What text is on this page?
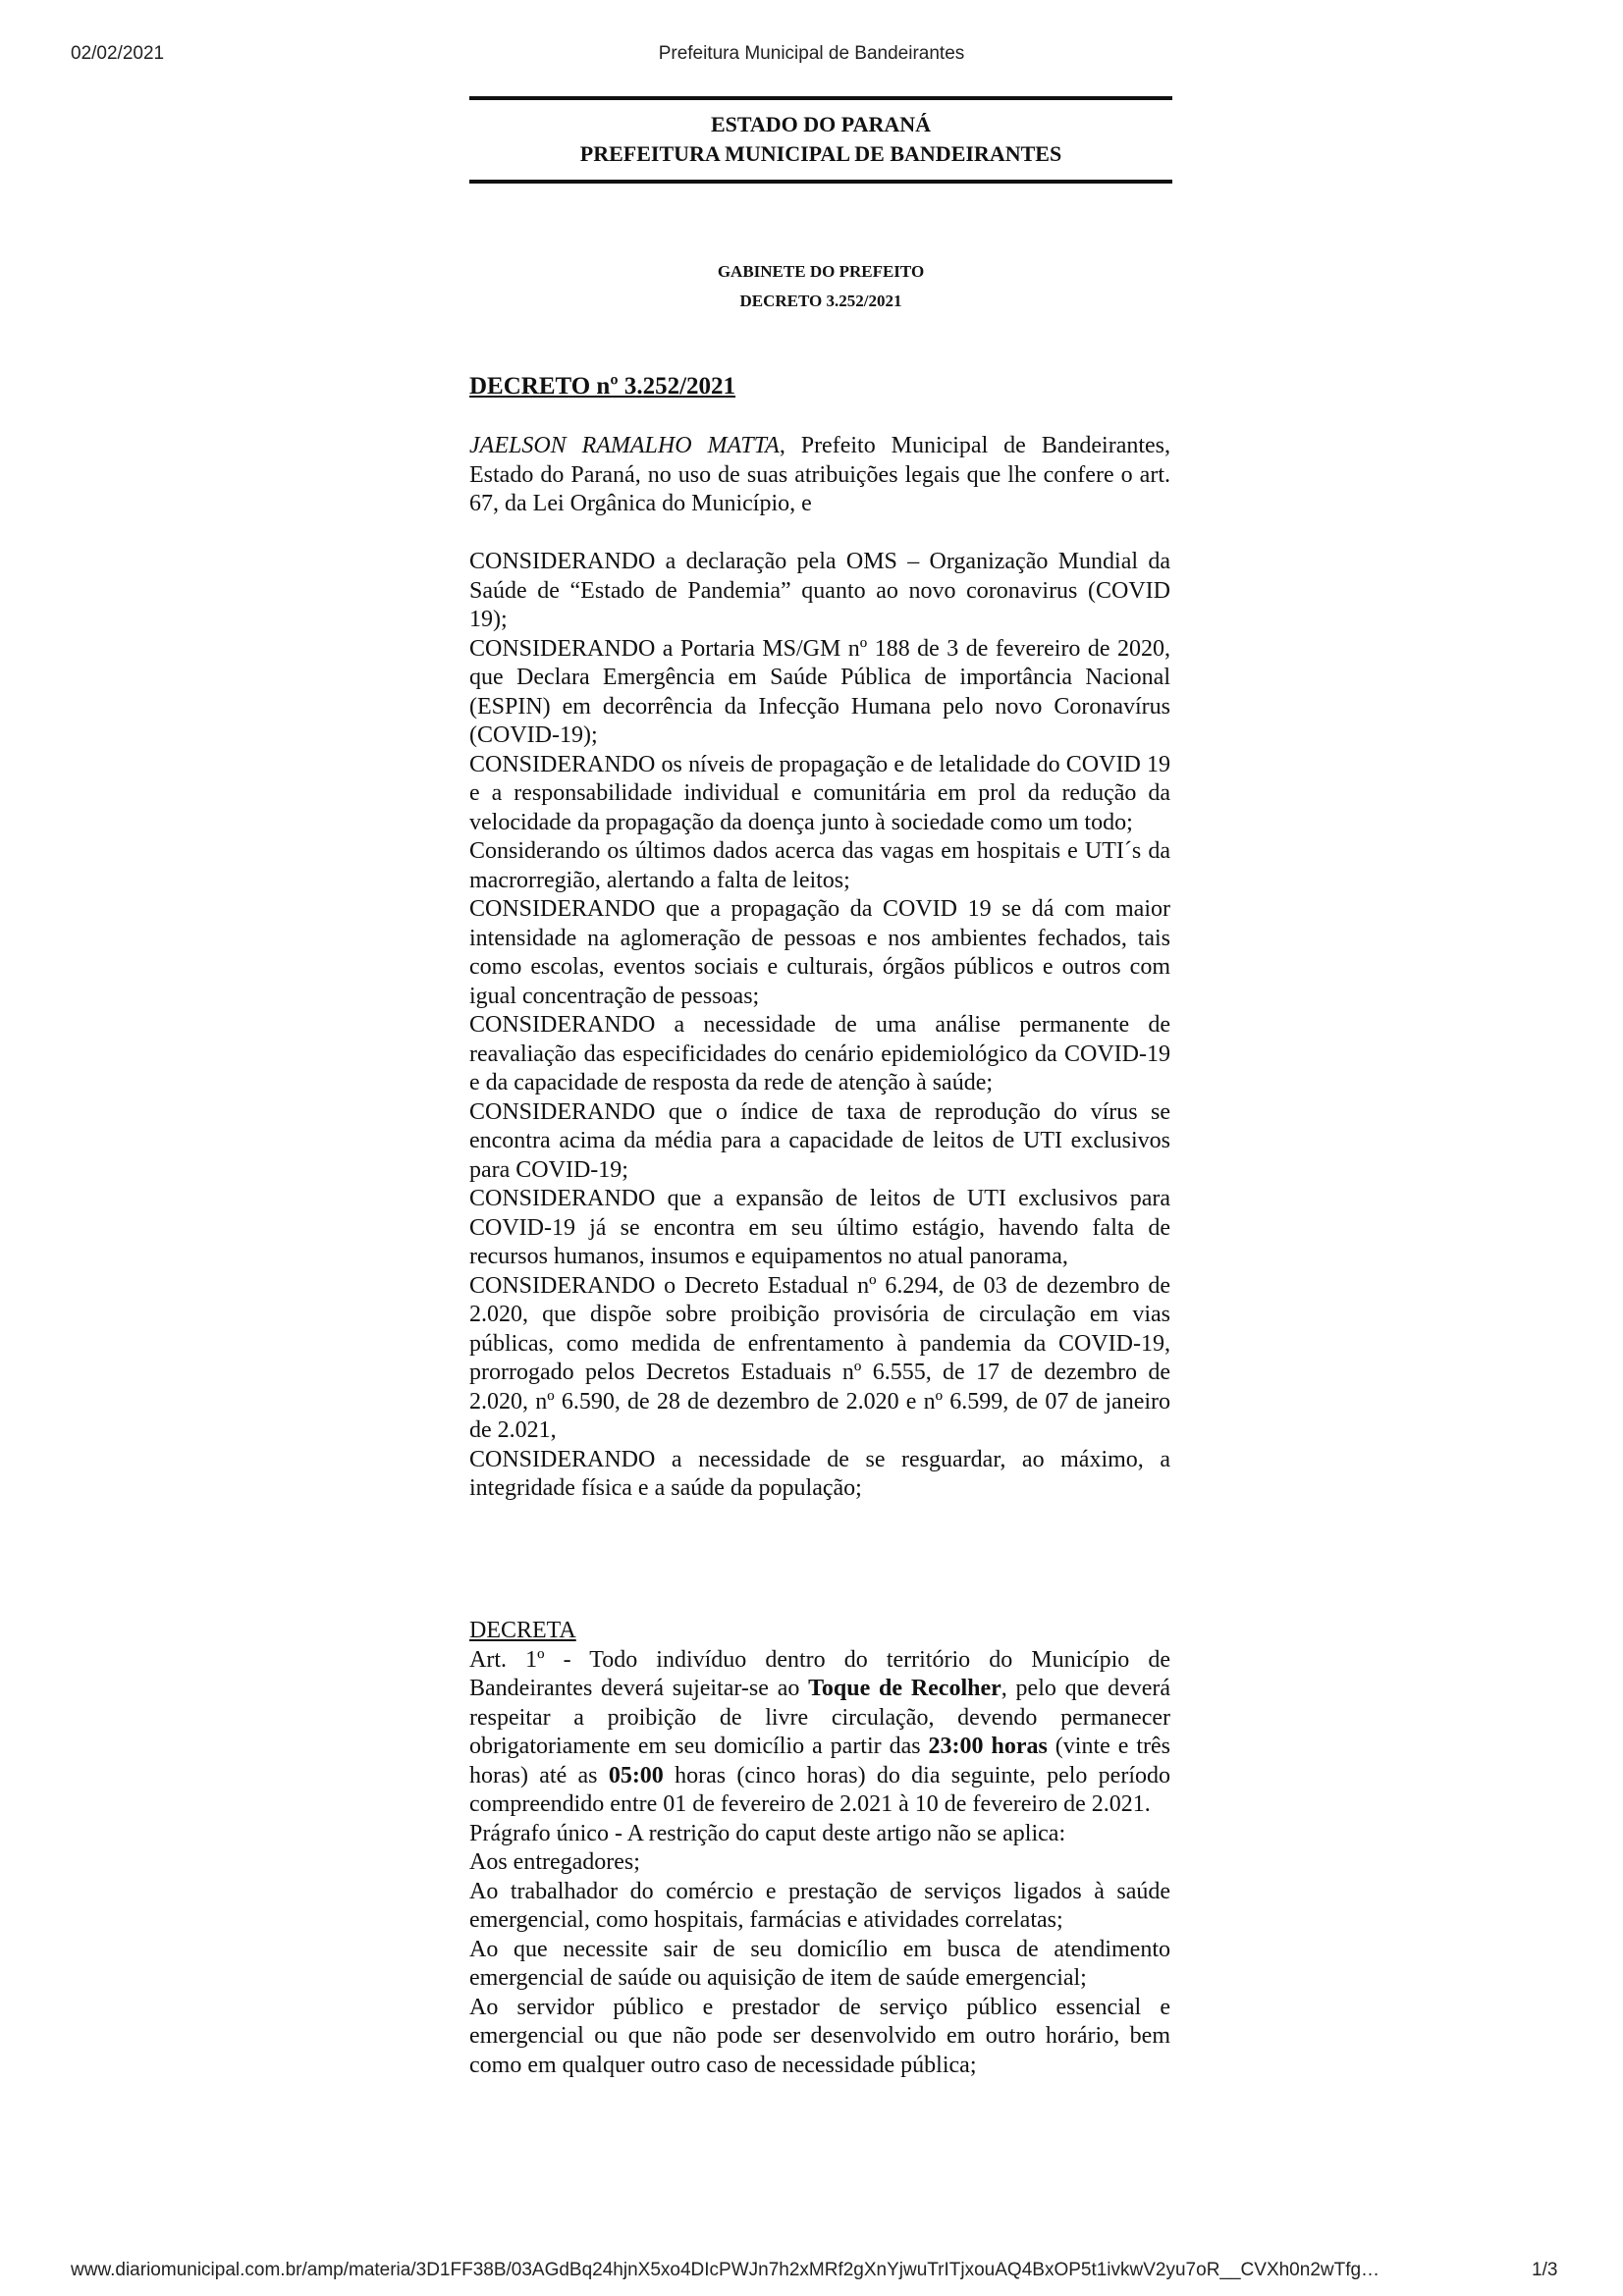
02/02/2021	Prefeitura Municipal de Bandeirantes
ESTADO DO PARANÁ
PREFEITURA MUNICIPAL DE BANDEIRANTES
GABINETE DO PREFEITO
DECRETO 3.252/2021
DECRETO nº 3.252/2021

JAELSON RAMALHO MATTA, Prefeito Municipal de Bandeirantes, Estado do Paraná, no uso de suas atribuições legais que lhe confere o art. 67, da Lei Orgânica do Município, e

CONSIDERANDO a declaração pela OMS – Organização Mundial da Saúde de “Estado de Pandemia” quanto ao novo coronavirus (COVID 19);

CONSIDERANDO a Portaria MS/GM nº 188 de 3 de fevereiro de 2020, que Declara Emergência em Saúde Pública de importância Nacional (ESPIN) em decorrência da Infecção Humana pelo novo Coronavírus (COVID-19);

CONSIDERANDO os níveis de propagação e de letalidade do COVID 19 e a responsabilidade individual e comunitária em prol da redução da velocidade da propagação da doença junto à sociedade como um todo;

Considerando os últimos dados acerca das vagas em hospitais e UTI´s da macrorregião, alertando a falta de leitos;

CONSIDERANDO que a propagação da COVID 19 se dá com maior intensidade na aglomeração de pessoas e nos ambientes fechados, tais como escolas, eventos sociais e culturais, órgãos públicos e outros com igual concentração de pessoas;

CONSIDERANDO a necessidade de uma análise permanente de reavaliação das especificidades do cenário epidemiológico da COVID-19 e da capacidade de resposta da rede de atenção à saúde;

CONSIDERANDO que o índice de taxa de reprodução do vírus se encontra acima da média para a capacidade de leitos de UTI exclusivos para COVID-19;

CONSIDERANDO que a expansão de leitos de UTI exclusivos para COVID-19 já se encontra em seu último estágio, havendo falta de recursos humanos, insumos e equipamentos no atual panorama,

CONSIDERANDO o Decreto Estadual nº 6.294, de 03 de dezembro de 2.020, que dispõe sobre proibição provisória de circulação em vias públicas, como medida de enfrentamento à pandemia da COVID-19, prorrogado pelos Decretos Estaduais nº 6.555, de 17 de dezembro de 2.020, nº 6.590, de 28 de dezembro de 2.020 e nº 6.599, de 07 de janeiro de 2.021,

CONSIDERANDO a necessidade de se resguardar, ao máximo, a integridade física e a saúde da população;

DECRETA

Art. 1º - Todo indivíduo dentro do território do Município de Bandeirantes deverá sujeitar-se ao Toque de Recolher, pelo que deverá respeitar a proibição de livre circulação, devendo permanecer obrigatoriamente em seu domicílio a partir das 23:00 horas (vinte e três horas) até as 05:00 horas (cinco horas) do dia seguinte, pelo período compreendido entre 01 de fevereiro de 2.021 à 10 de fevereiro de 2.021.

Prágrafo único - A restrição do caput deste artigo não se aplica:

Aos entregadores;

Ao trabalhador do comércio e prestação de serviços ligados à saúde emergencial, como hospitais, farmácias e atividades correlatas;

Ao que necessite sair de seu domicílio em busca de atendimento emergencial de saúde ou aquisição de item de saúde emergencial;

Ao servidor público e prestador de serviço público essencial e emergencial ou que não pode ser desenvolvido em outro horário, bem como em qualquer outro caso de necessidade pública;

www.diariomunicipal.com.br/amp/materia/3D1FF38B/03AGdBq24hjnX5xo4DIcPWJn7h2xMRf2gXnYjwuTrITjxouAQ4BxOP5t1ivkwV2yu7oR__CVXh0n2wTfg…	1/3
